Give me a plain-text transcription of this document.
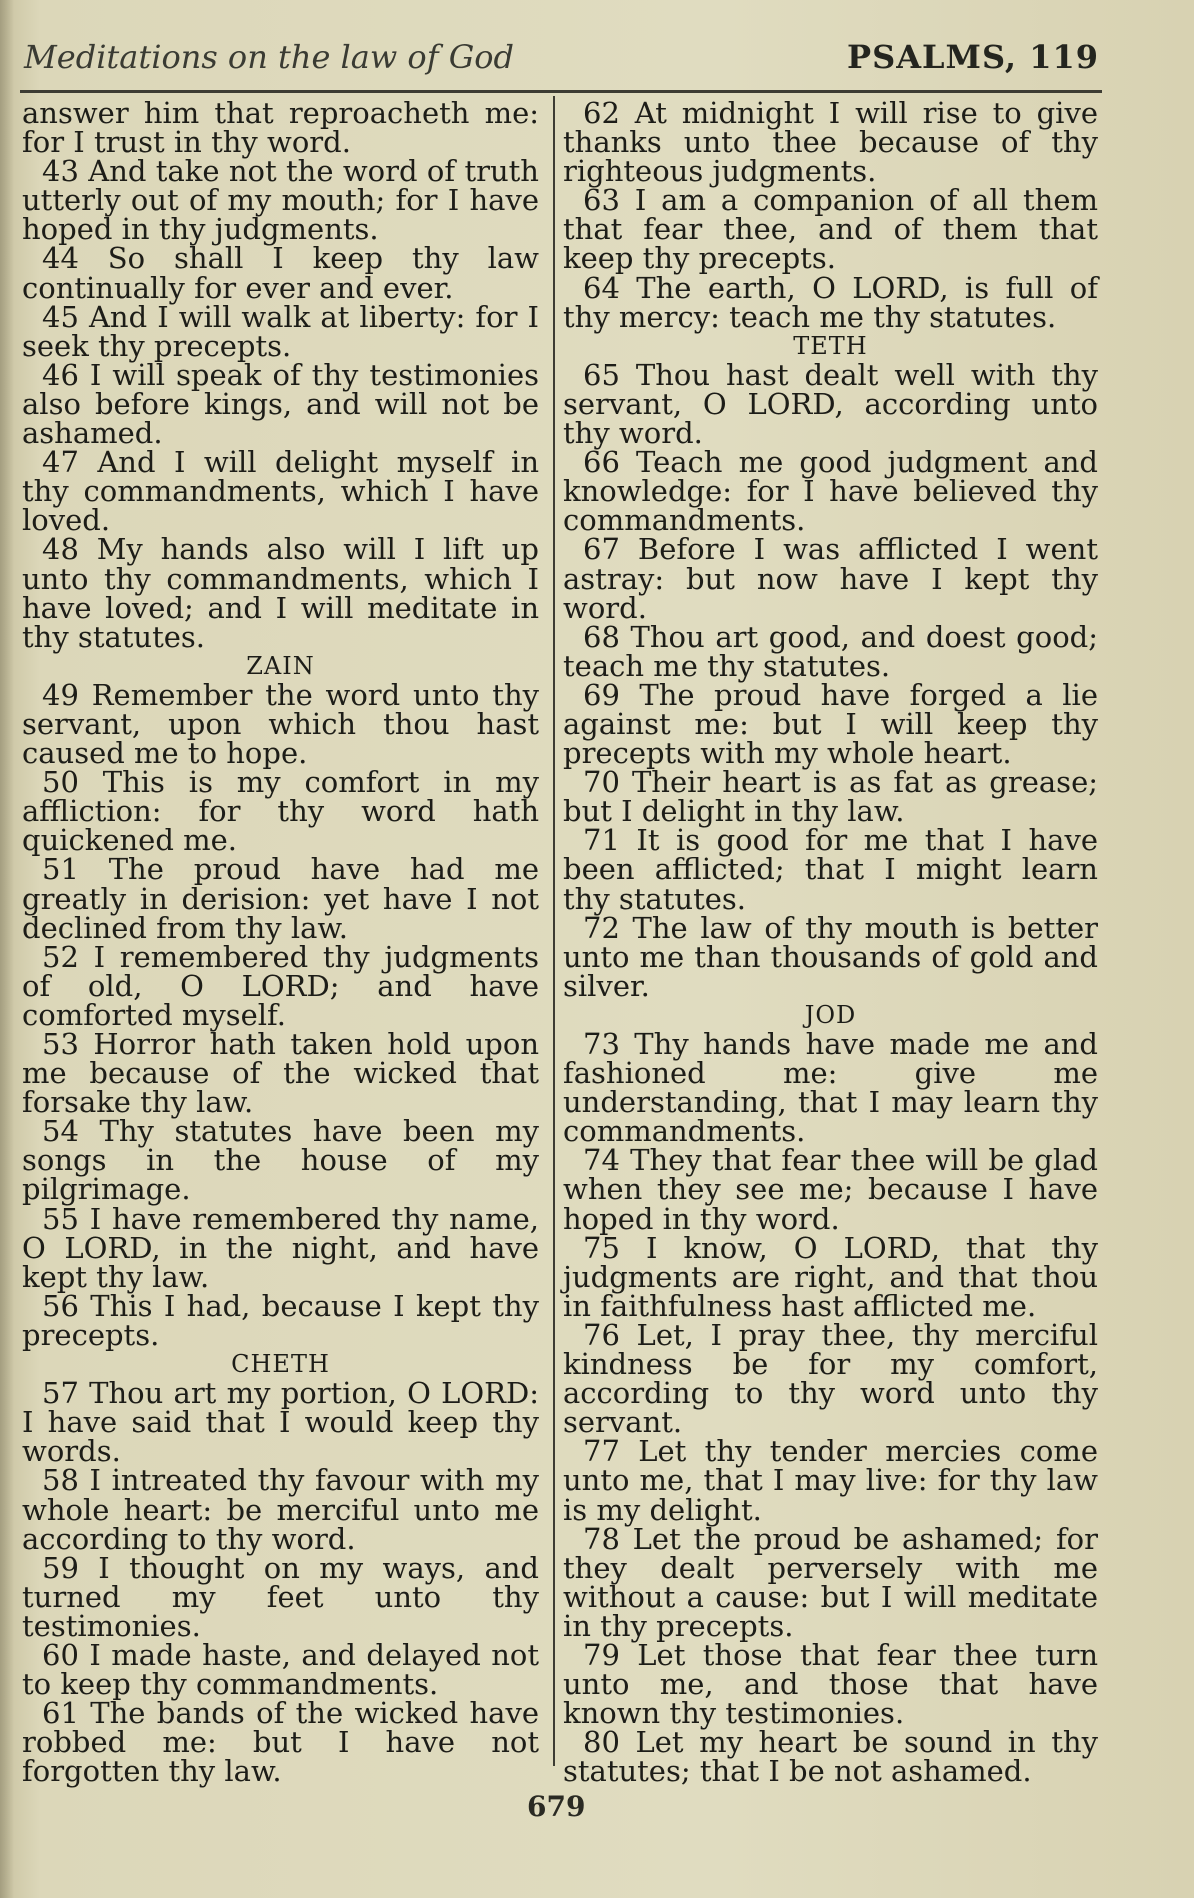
Meditations on the law of God	PSALMS, 119
answer him that reproacheth me: for I trust in thy word.
43 And take not the word of truth utterly out of my mouth; for I have hoped in thy judgments.
44 So shall I keep thy law continually for ever and ever.
45 And I will walk at liberty: for I seek thy precepts.
46 I will speak of thy testimonies also before kings, and will not be ashamed.
47 And I will delight myself in thy commandments, which I have loved.
48 My hands also will I lift up unto thy commandments, which I have loved; and I will meditate in thy statutes.
ZAIN
49 Remember the word unto thy servant, upon which thou hast caused me to hope.
50 This is my comfort in my affliction: for thy word hath quickened me.
51 The proud have had me greatly in derision: yet have I not declined from thy law.
52 I remembered thy judgments of old, O LORD; and have comforted myself.
53 Horror hath taken hold upon me because of the wicked that forsake thy law.
54 Thy statutes have been my songs in the house of my pilgrimage.
55 I have remembered thy name, O LORD, in the night, and have kept thy law.
56 This I had, because I kept thy precepts.
CHETH
57 Thou art my portion, O LORD: I have said that I would keep thy words.
58 I intreated thy favour with my whole heart: be merciful unto me according to thy word.
59 I thought on my ways, and turned my feet unto thy testimonies.
60 I made haste, and delayed not to keep thy commandments.
61 The bands of the wicked have robbed me: but I have not forgotten thy law.
62 At midnight I will rise to give thanks unto thee because of thy righteous judgments.
63 I am a companion of all them that fear thee, and of them that keep thy precepts.
64 The earth, O LORD, is full of thy mercy: teach me thy statutes.
TETH
65 Thou hast dealt well with thy servant, O LORD, according unto thy word.
66 Teach me good judgment and knowledge: for I have believed thy commandments.
67 Before I was afflicted I went astray: but now have I kept thy word.
68 Thou art good, and doest good; teach me thy statutes.
69 The proud have forged a lie against me: but I will keep thy precepts with my whole heart.
70 Their heart is as fat as grease; but I delight in thy law.
71 It is good for me that I have been afflicted; that I might learn thy statutes.
72 The law of thy mouth is better unto me than thousands of gold and silver.
JOD
73 Thy hands have made me and fashioned me: give me understanding, that I may learn thy commandments.
74 They that fear thee will be glad when they see me; because I have hoped in thy word.
75 I know, O LORD, that thy judgments are right, and that thou in faithfulness hast afflicted me.
76 Let, I pray thee, thy merciful kindness be for my comfort, according to thy word unto thy servant.
77 Let thy tender mercies come unto me, that I may live: for thy law is my delight.
78 Let the proud be ashamed; for they dealt perversely with me without a cause: but I will meditate in thy precepts.
79 Let those that fear thee turn unto me, and those that have known thy testimonies.
80 Let my heart be sound in thy statutes; that I be not ashamed.
679
